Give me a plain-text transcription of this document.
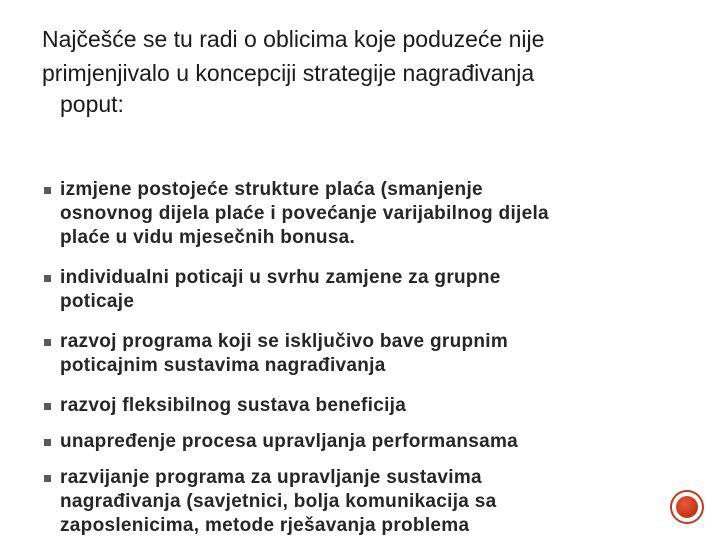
Najčešće se tu radi o oblicima koje poduzeće nije
primjenjivalo u koncepciji strategije nagrađivanja
poput:
izmjene postojeće strukture plaća (smanjenje
osnovnog dijela plaće i povećanje varijabilnog dijela
plaće u vidu mjesečnih bonusa.
individualni poticaji u svrhu zamjene za grupne
poticaje
razvoj programa koji se isključivo bave grupnim
poticajnim sustavima nagrađivanja
razvoj fleksibilnog sustava beneficija
unapređenje procesa upravljanja performansama
razvijanje programa za upravljanje sustavima
nagrađivanja (savjetnici, bolja komunikacija sa
zaposlenicima, metode rješavanja problema
